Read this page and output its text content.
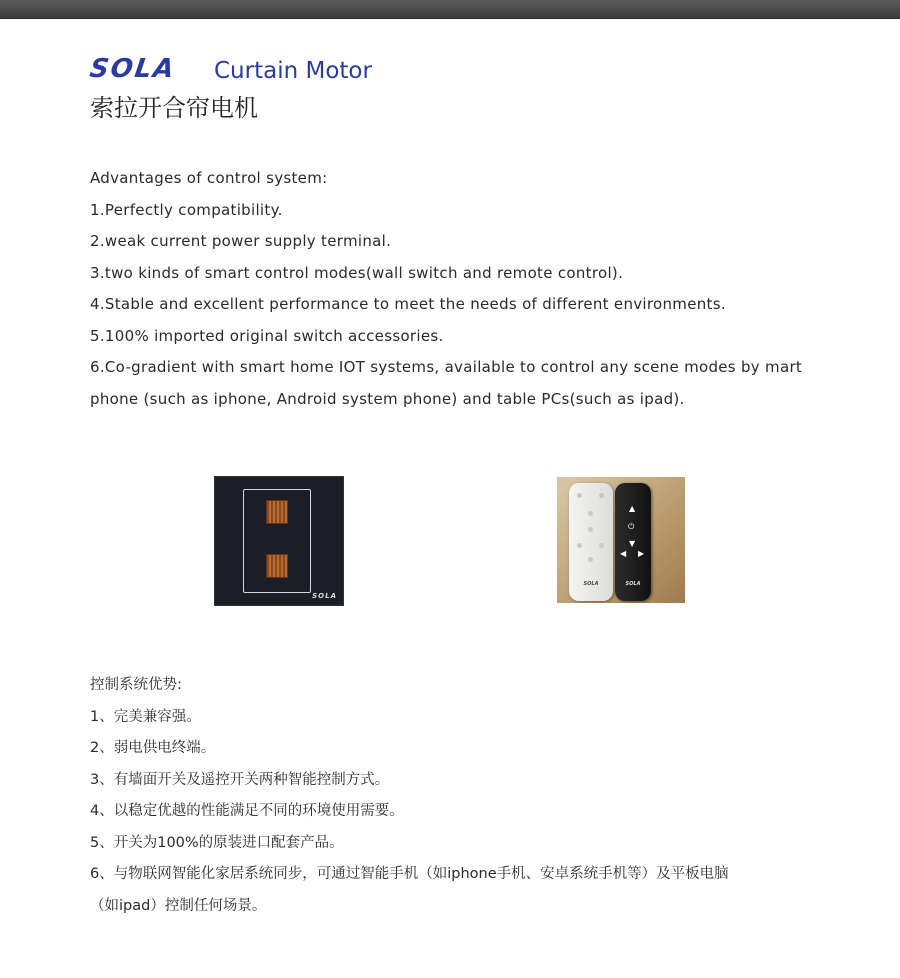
SOLA Curtain Motor
索拉开合帘电机
Advantages of control system:
1.Perfectly compatibility.
2.weak current power supply terminal.
3.two kinds of smart control modes(wall switch and remote control).
4.Stable and excellent performance to meet the needs of different environments.
5.100% imported original switch accessories.
6.Co-gradient with smart home IOT systems, available to control any scene modes by mart
phone (such as iphone, Android system phone) and table PCs(such as ipad).
SOLA
SOLA
▲
⏻
▼
◀ ▶
SOLA
控制系统优势:
1、完美兼容强。
2、弱电供电终端。
3、有墙面开关及遥控开关两种智能控制方式。
4、以稳定优越的性能满足不同的环境使用需要。
5、开关为100%的原装进口配套产品。
6、与物联网智能化家居系统同步，可通过智能手机（如iphone手机、安卓系统手机等）及平板电脑
（如ipad）控制任何场景。
